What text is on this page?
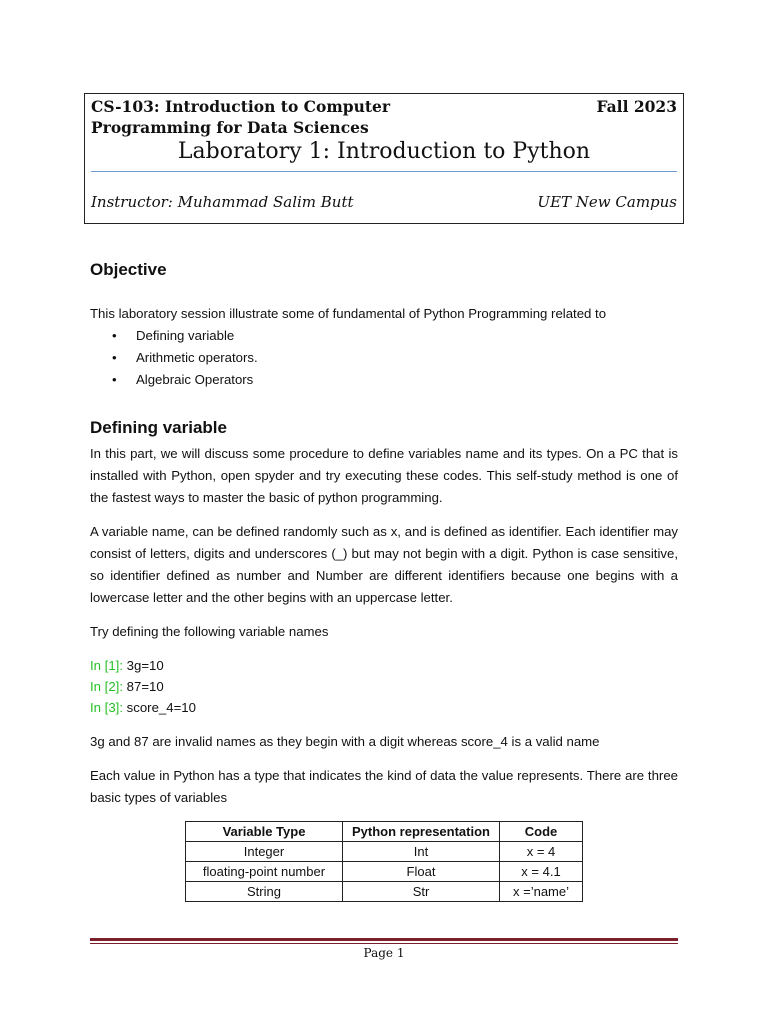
CS-103: Introduction to Computer Programming for Data Sciences
Fall 2023
Laboratory 1: Introduction to Python
Instructor: Muhammad Salim Butt	UET New Campus
Objective

This laboratory session illustrate some of fundamental of Python Programming related to

• Defining variable
• Arithmetic operators.
• Algebraic Operators
Defining variable

In this part, we will discuss some procedure to define variables name and its types. On a PC that is installed with Python, open spyder and try executing these codes. This self-study method is one of the fastest ways to master the basic of python programming.

A variable name, can be defined randomly such as x, and is defined as identifier. Each identifier may consist of letters, digits and underscores (_) but may not begin with a digit. Python is case sensitive, so identifier defined as number and Number are different identifiers because one begins with a lowercase letter and the other begins with an uppercase letter.

Try defining the following variable names

In [1]: 3g=10
In [2]: 87=10
In [3]: score_4=10

3g and 87 are invalid names as they begin with a digit whereas score_4 is a valid name

Each value in Python has a type that indicates the kind of data the value represents. There are three basic types of variables

Variable Type	Python representation	Code
Integer	Int	x = 4
floating-point number	Float	x = 4.1
String	Str	x =’name’
Page 1
